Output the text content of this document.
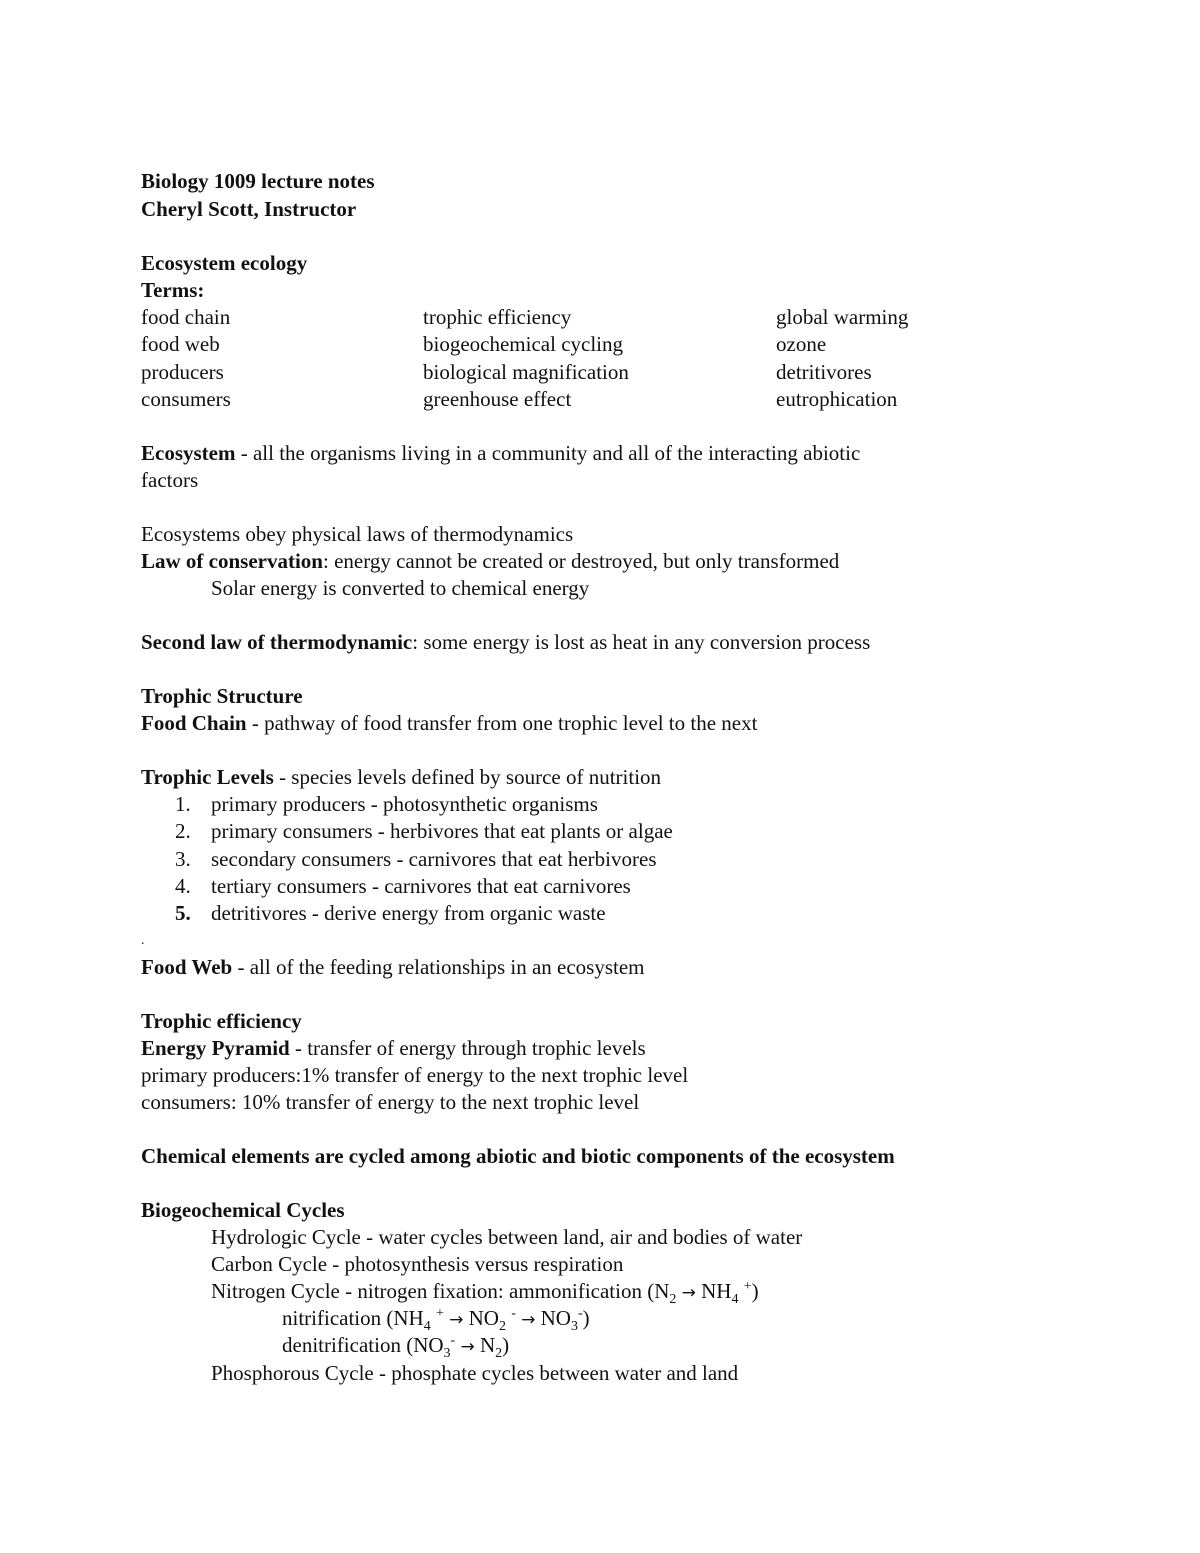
Biology 1009 lecture notes
Cheryl Scott, Instructor
Ecosystem ecology
Terms:
food chain	trophic efficiency	global warming
food web	biogeochemical cycling	ozone
producers	biological magnification	detritivores
consumers	greenhouse effect	eutrophication
Ecosystem - all the organisms living in a community and all of the interacting abiotic
factors
Ecosystems obey physical laws of thermodynamics
Law of conservation: energy cannot be created or destroyed, but only transformed
Solar energy is converted to chemical energy
Second law of thermodynamic: some energy is lost as heat in any conversion process
Trophic Structure
Food Chain - pathway of food transfer from one trophic level to the next
Trophic Levels - species levels defined by source of nutrition
1. primary producers - photosynthetic organisms
2. primary consumers - herbivores that eat plants or algae
3. secondary consumers - carnivores that eat herbivores
4. tertiary consumers - carnivores that eat carnivores
5. detritivores - derive energy from organic waste
.
Food Web - all of the feeding relationships in an ecosystem
Trophic efficiency
Energy Pyramid - transfer of energy through trophic levels
primary producers:1% transfer of energy to the next trophic level
consumers: 10% transfer of energy to the next trophic level
Chemical elements are cycled among abiotic and biotic components of the ecosystem
Biogeochemical Cycles
Hydrologic Cycle - water cycles between land, air and bodies of water
Carbon Cycle - photosynthesis versus respiration
Nitrogen Cycle - nitrogen fixation: ammonification ($N_2 \to NH_4$ +)
nitrification ($NH_4$ $^+ \to NO_2$ $^- \to NO_3^-$)
denitrification $(NO_3^- \to N_2)$
Phosphorous Cycle - phosphate cycles between water and land
